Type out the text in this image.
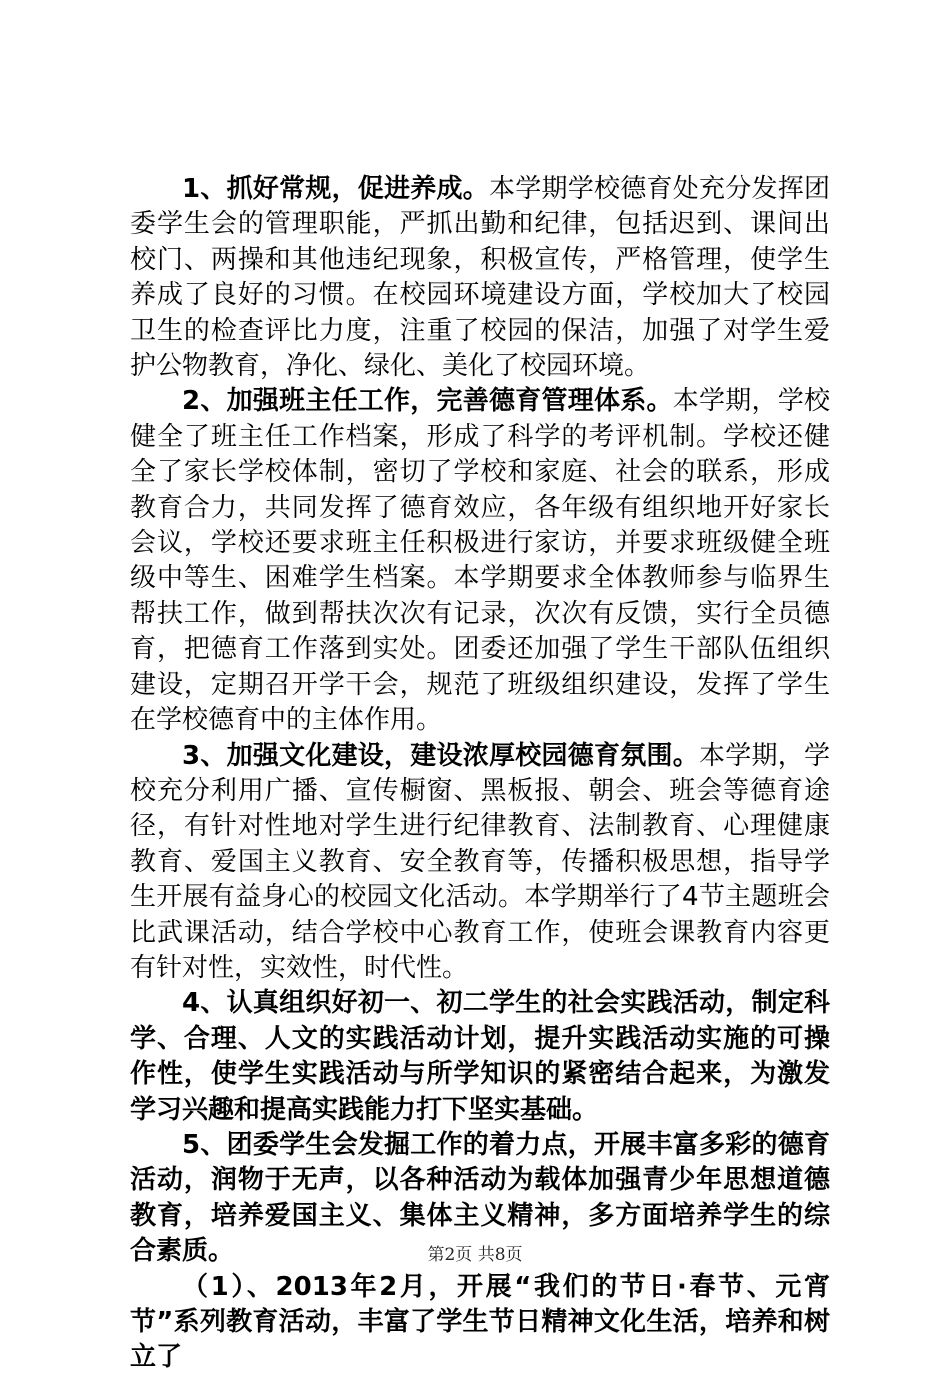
1、抓好常规，促进养成。本学期学校德育处充分发挥团委学生会的管理职能，严抓出勤和纪律，包括迟到、课间出校门、两操和其他违纪现象，积极宣传，严格管理，使学生养成了良好的习惯。在校园环境建设方面，学校加大了校园卫生的检查评比力度，注重了校园的保洁，加强了对学生爱护公物教育，净化、绿化、美化了校园环境。

2、加强班主任工作，完善德育管理体系。本学期，学校健全了班主任工作档案，形成了科学的考评机制。学校还健全了家长学校体制，密切了学校和家庭、社会的联系，形成教育合力，共同发挥了德育效应，各年级有组织地开好家长会议，学校还要求班主任积极进行家访，并要求班级健全班级中等生、困难学生档案。本学期要求全体教师参与临界生帮扶工作，做到帮扶次次有记录，次次有反馈，实行全员德育，把德育工作落到实处。团委还加强了学生干部队伍组织建设，定期召开学干会，规范了班级组织建设，发挥了学生在学校德育中的主体作用。

3、加强文化建设，建设浓厚校园德育氛围。本学期，学校充分利用广播、宣传橱窗、黑板报、朝会、班会等德育途径，有针对性地对学生进行纪律教育、法制教育、心理健康教育、爱国主义教育、安全教育等，传播积极思想，指导学生开展有益身心的校园文化活动。本学期举行了4节主题班会比武课活动，结合学校中心教育工作，使班会课教育内容更有针对性，实效性，时代性。

4、认真组织好初一、初二学生的社会实践活动，制定科学、合理、人文的实践活动计划，提升实践活动实施的可操作性，使学生实践活动与所学知识的紧密结合起来，为激发学习兴趣和提高实践能力打下坚实基础。

5、团委学生会发掘工作的着力点，开展丰富多彩的德育活动，润物于无声，以各种活动为载体加强青少年思想道德教育，培养爱国主义、集体主义精神，多方面培养学生的综合素质。

（1）、2013年2月，开展“我们的节日·春节、元宵节”系列教育活动，丰富了学生节日精神文化生活，培养和树立了

第2页 共8页
